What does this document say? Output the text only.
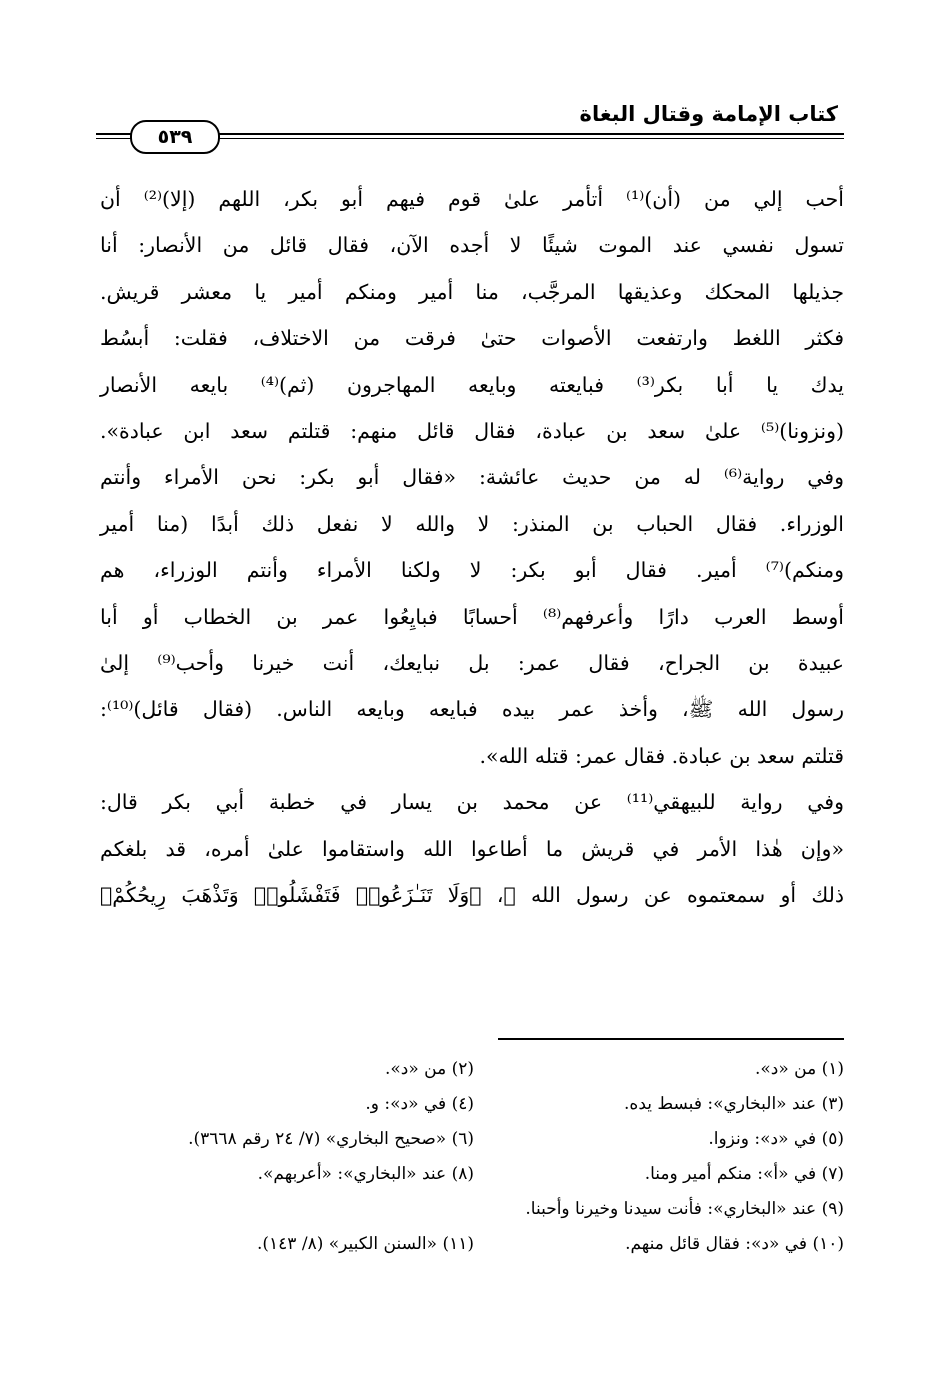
كتاب الإمامة وقتال البغاة
٥٣٩
أحب إلي من (أن)⁽¹⁾ أتأمر علىٰ قوم فيهم أبو بكر، اللهم (إلا)⁽²⁾ أن
تسول نفسي عند الموت شيئًا لا أجده الآن، فقال قائل من الأنصار: أنا
جذيلها المحكك وعذيقها المرجَّب، منا أمير ومنكم أمير يا معشر قريش.
فكثر اللغط وارتفعت الأصوات حتىٰ فرقت من الاختلاف، فقلت: أبسُط
يدك يا أبا بكر⁽³⁾ فبايعته وبايعه المهاجرون (ثم)⁽⁴⁾ بايعه الأنصار
(ونزونا)⁽⁵⁾ علىٰ سعد بن عبادة، فقال قائل منهم: قتلتم سعد ابن عبادة».
وفي رواية⁽⁶⁾ له من حديث عائشة: «فقال أبو بكر: نحن الأمراء وأنتم
الوزراء. فقال الحباب بن المنذر: لا والله لا نفعل ذلك أبدًا (منا أمير
ومنكم)⁽⁷⁾ أمير. فقال أبو بكر: لا ولكنا الأمراء وأنتم الوزراء، هم
أوسط العرب دارًا وأعرفهم⁽⁸⁾ أحسابًا فبايِعُوا عمر بن الخطاب أو أبا
عبيدة بن الجراح، فقال عمر: بل نبايعك، أنت خيرنا وأحب⁽⁹⁾ إلىٰ
رسول الله ﷺ، وأخذ عمر بيده فبايعه وبايعه الناس. (فقال قائل)⁽¹⁰⁾:
قتلتم سعد بن عبادة. فقال عمر: قتله الله».
وفي رواية للبيهقي⁽¹¹⁾ عن محمد بن يسار في خطبة أبي بكر قال:
«وإن هٰذا الأمر في قريش ما أطاعوا الله واستقاموا علىٰ أمره، قد بلغكم
ذلك أو سمعتموه عن رسول الله ﷺ، ﴿وَلَا تَنَـٰزَعُوا۟ فَتَفْشَلُوا۟ وَتَذْهَبَ رِيحُكُمْ﴾
(١) من «د».
(٢) من «د».
(٣) عند «البخاري»: فبسط يده.
(٤) في «د»: و.
(٥) في «د»: ونزوا.
(٦) «صحيح البخاري» (٧/ ٢٤ رقم ٣٦٦٨).
(٧) في «أ»: منكم أمير ومنا.
(٨) عند «البخاري»: «أعربهم».
(٩) عند «البخاري»: فأنت سيدنا وخيرنا وأحبنا.
(١٠) في «د»: فقال قائل منهم.
(١١) «السنن الكبير» (٨/ ١٤٣).
